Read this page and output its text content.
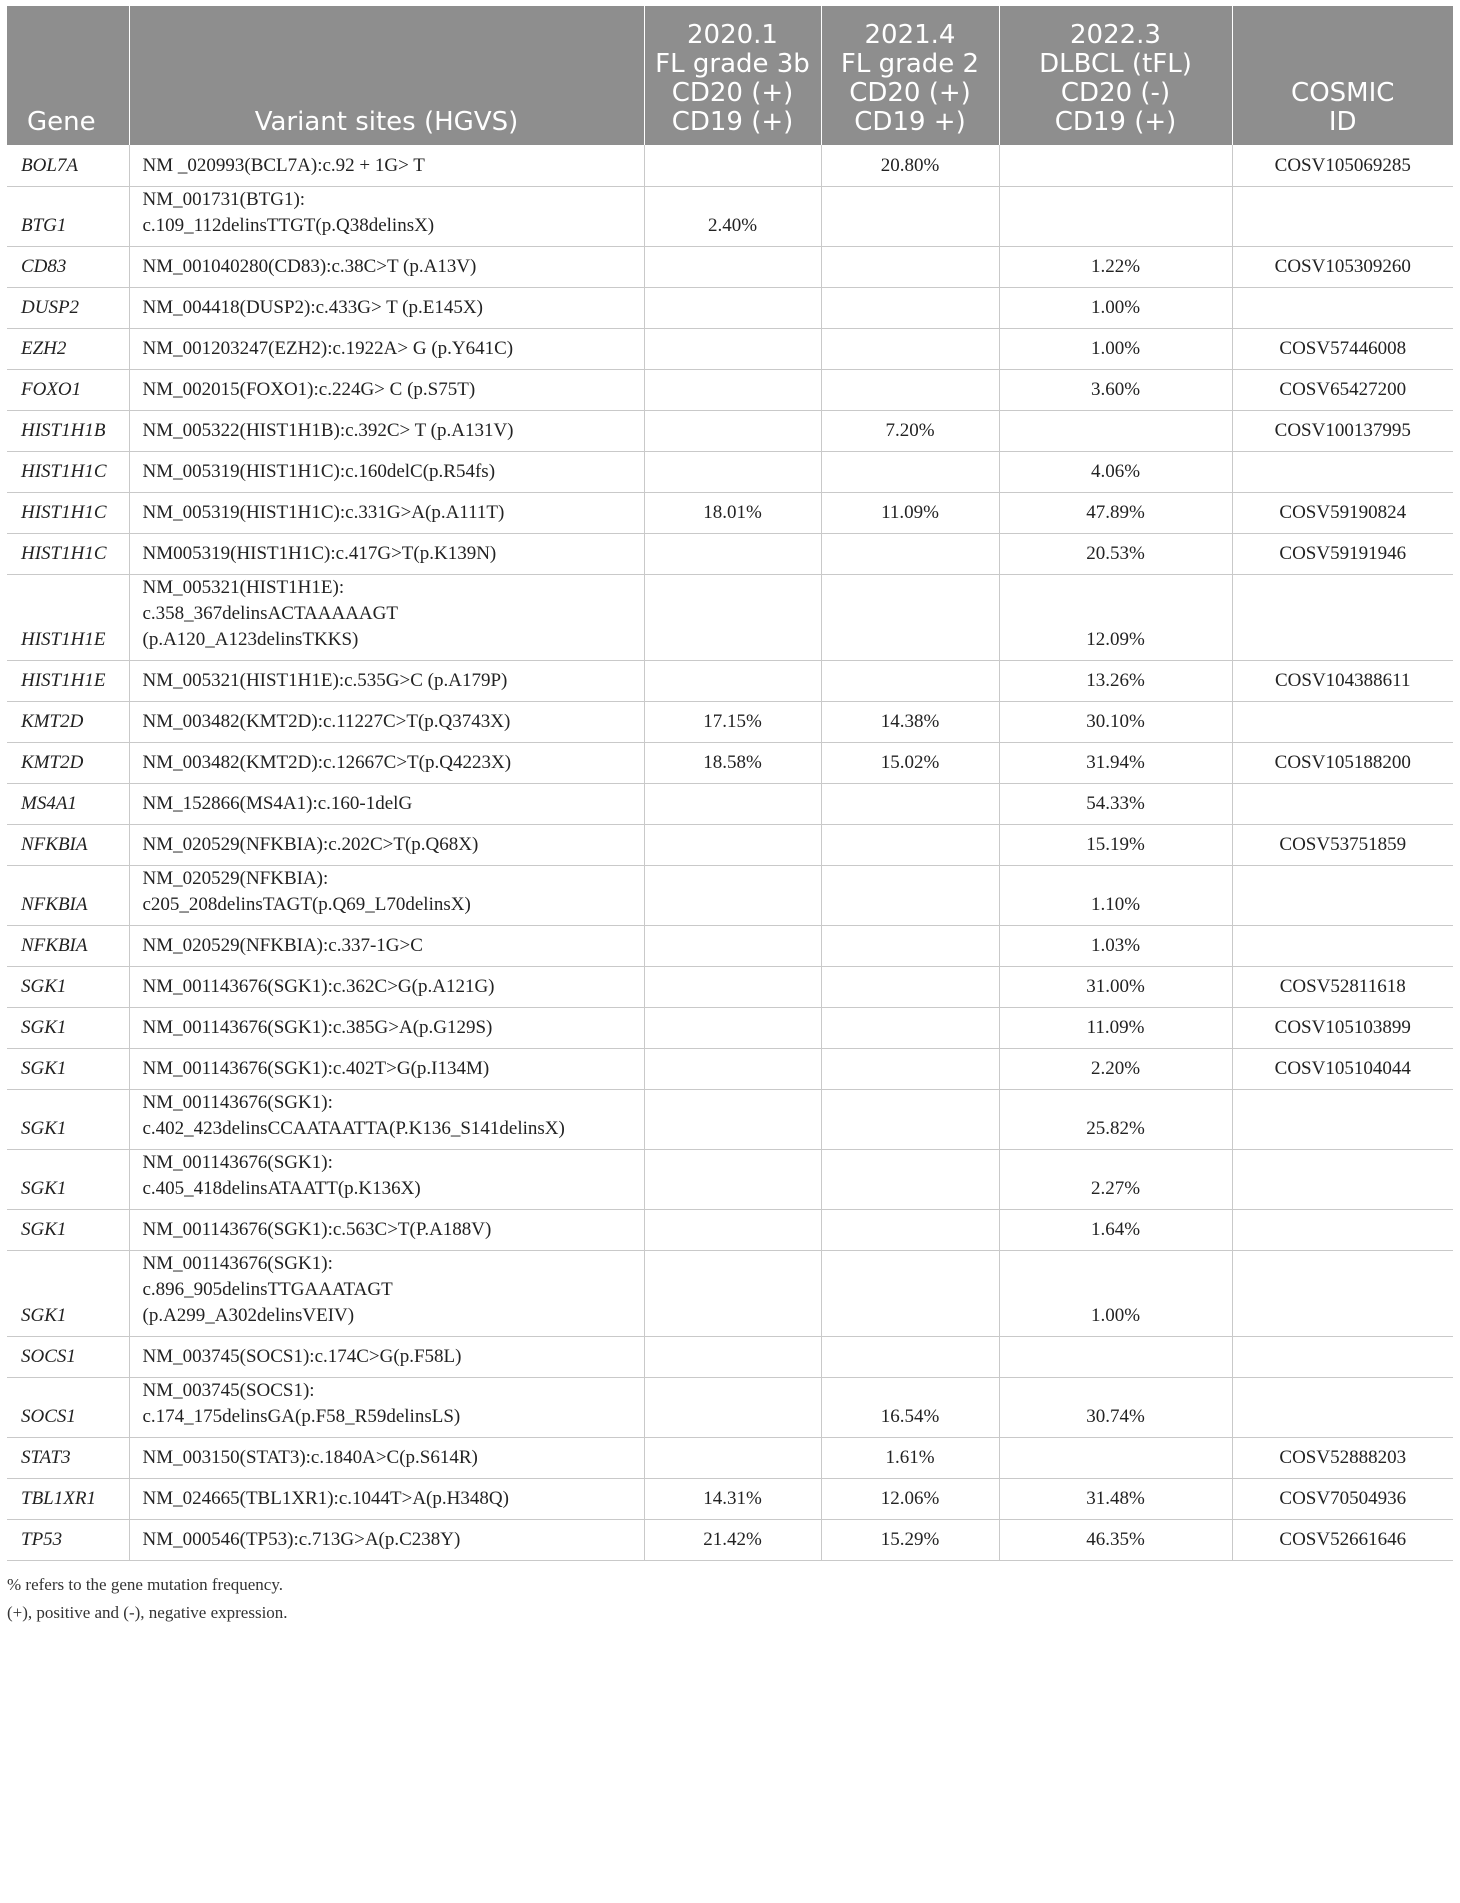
Gene	Variant sites (HGVS)	2020.1
FL grade 3b
CD20 (+)
CD19 (+)	2021.4
FL grade 2
CD20 (+)
CD19 +)	2022.3
DLBCL (tFL) CD20 (-)
CD19 (+)	COSMIC
ID
BOL7A	NM _020993(BCL7A):c.92 + 1G> T		20.80%		COSV105069285
BTG1	NM_001731(BTG1):
c.109_112delinsTTGT(p.Q38delinsX)	2.40%			
CD83	NM_001040280(CD83):c.38C>T (p.A13V)			1.22%	COSV105309260
DUSP2	NM_004418(DUSP2):c.433G> T (p.E145X)			1.00%	
EZH2	NM_001203247(EZH2):c.1922A> G (p.Y641C)			1.00%	COSV57446008
FOXO1	NM_002015(FOXO1):c.224G> C (p.S75T)			3.60%	COSV65427200
HIST1H1B	NM_005322(HIST1H1B):c.392C> T (p.A131V)		7.20%		COSV100137995
HIST1H1C	NM_005319(HIST1H1C):c.160delC(p.R54fs)			4.06%	
HIST1H1C	NM_005319(HIST1H1C):c.331G>A(p.A111T)	18.01%	11.09%	47.89%	COSV59190824
HIST1H1C	NM005319(HIST1H1C):c.417G>T(p.K139N)			20.53%	COSV59191946
HIST1H1E	NM_005321(HIST1H1E):
c.358_367delinsACTAAAAAGT
(p.A120_A123delinsTKKS)			12.09%	
HIST1H1E	NM_005321(HIST1H1E):c.535G>C (p.A179P)			13.26%	COSV104388611
KMT2D	NM_003482(KMT2D):c.11227C>T(p.Q3743X)	17.15%	14.38%	30.10%	
KMT2D	NM_003482(KMT2D):c.12667C>T(p.Q4223X)	18.58%	15.02%	31.94%	COSV105188200
MS4A1	NM_152866(MS4A1):c.160-1delG			54.33%	
NFKBIA	NM_020529(NFKBIA):c.202C>T(p.Q68X)			15.19%	COSV53751859
NFKBIA	NM_020529(NFKBIA):
c205_208delinsTAGT(p.Q69_L70delinsX)			1.10%	
NFKBIA	NM_020529(NFKBIA):c.337-1G>C			1.03%	
SGK1	NM_001143676(SGK1):c.362C>G(p.A121G)			31.00%	COSV52811618
SGK1	NM_001143676(SGK1):c.385G>A(p.G129S)			11.09%	COSV105103899
SGK1	NM_001143676(SGK1):c.402T>G(p.I134M)			2.20%	COSV105104044
SGK1	NM_001143676(SGK1):
c.402_423delinsCCAATAATTA(P.K136_S141delinsX)			25.82%	
SGK1	NM_001143676(SGK1):
c.405_418delinsATAATT(p.K136X)			2.27%	
SGK1	NM_001143676(SGK1):c.563C>T(P.A188V)			1.64%	
SGK1	NM_001143676(SGK1):
c.896_905delinsTTGAAATAGT
(p.A299_A302delinsVEIV)			1.00%	
SOCS1	NM_003745(SOCS1):c.174C>G(p.F58L)				
SOCS1	NM_003745(SOCS1):
c.174_175delinsGA(p.F58_R59delinsLS)		16.54%	30.74%	
STAT3	NM_003150(STAT3):c.1840A>C(p.S614R)		1.61%		COSV52888203
TBL1XR1	NM_024665(TBL1XR1):c.1044T>A(p.H348Q)	14.31%	12.06%	31.48%	COSV70504936
TP53	NM_000546(TP53):c.713G>A(p.C238Y)	21.42%	15.29%	46.35%	COSV52661646
% refers to the gene mutation frequency.
(+), positive and (-), negative expression.
